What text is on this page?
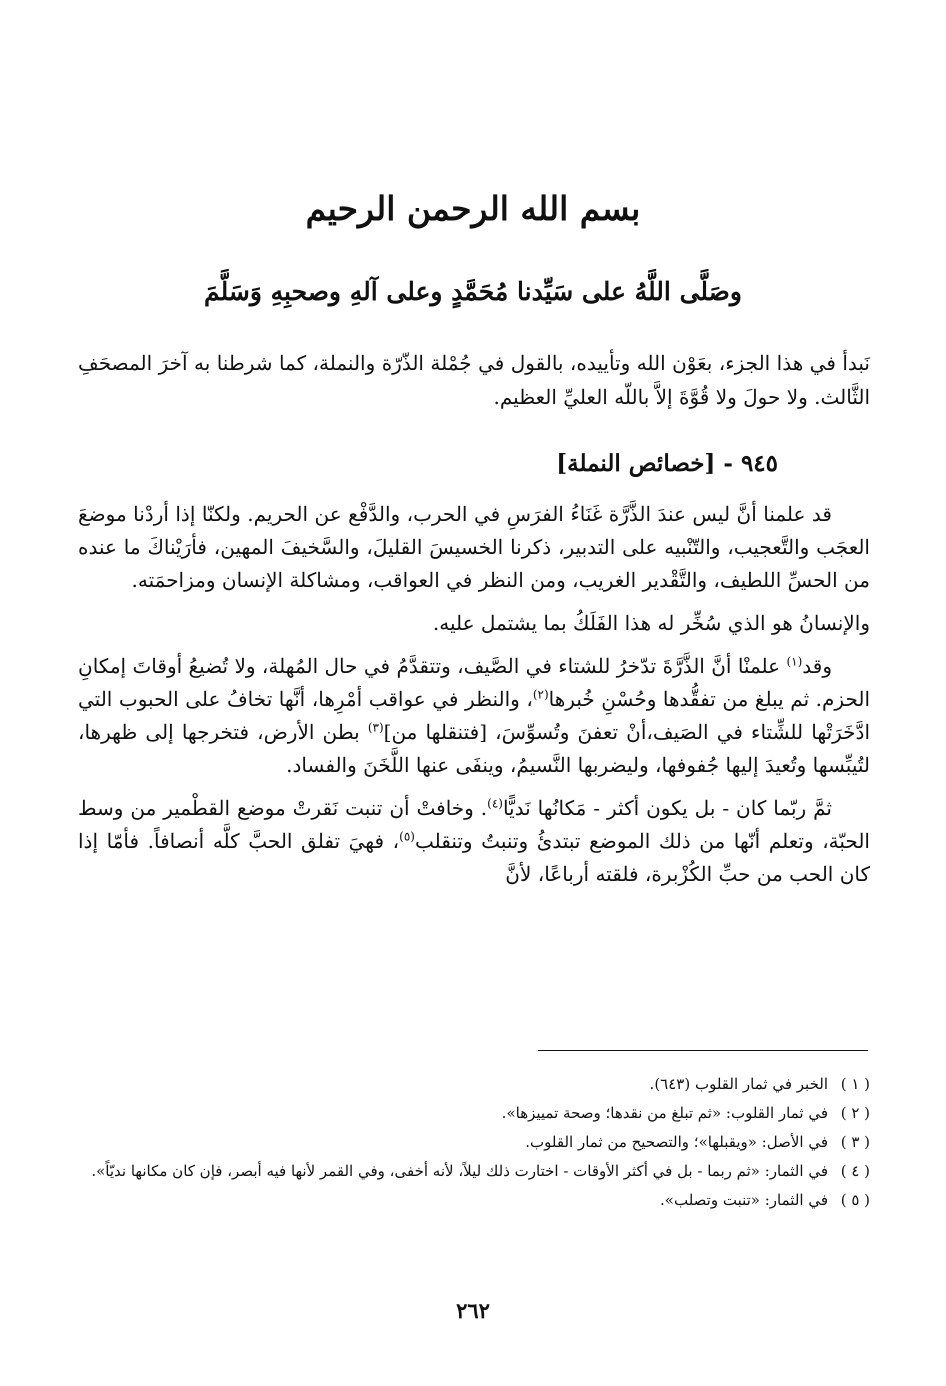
بسم الله الرحمن الرحيم
وصَلَّى اللَّهُ على سَيِّدنا مُحَمَّدٍ وعلى آلهِ وصحبِهِ وَسَلَّمَ
نَبدأ في هذا الجزء، بعَوْن الله وتأييده، بالقول في جُمْلة الذّرّة والنملة، كما شرطنا به آخرَ المصحَفِ الثَّالث. ولا حولَ ولا قُوَّةَ إلاَّ باللّه العليِّ العظيم.
٩٤٥ - [خصائص النملة]

قد علمنا أنَّ ليس عندَ الذَّرَّة غَنَاءُ الفرَسِ في الحرب، والدَّفْع عن الحريم. ولكنّا إذا أردْنا موضعَ العجَب والتَّعجيب، والتّنْبيه على التدبير، ذكرنا الخسيسَ القليلَ، والسَّخيفَ المهين، فأرَيْناكَ ما عنده من الحسِّ اللطيف، والتَّقْدير الغريب، ومن النظر في العواقب، ومشاكلة الإنسان ومزاحمَته.

والإنسانُ هو الذي سُخِّر له هذا الفَلَكُ بما يشتمل عليه.

وقد$^{(١)}$ علمنْا أنَّ الذَّرَّةَ تدّخرُ للشتاء في الصَّيف، وتتقدَّمُ في حال المُهلة، ولا تُضيعُ أوقاتَ إمكانِ الحزم. ثم يبلغ من تفقُّدها وحُسْنِ خُبرها$^{(٢)}$، والنظر في عواقب أمْرِها، أنَّها تخافُ على الحبوب التي ادَّخَرَتْها للشِّتاء في الصَيف،أنْ تعفنَ وتُسوِّسَ، [فتنقلها من]$^{(٣)}$ بطن الأرض، فتخرجها إلى ظهرها، لتُيبِّسها وتُعيدَ إليها جُفوفها، وليضربها النَّسيمُ، وينفَى عنها اللَّخَنَ والفساد.

ثمَّ ربّما كان - بل يكون أكثر - مَكانُها نَديًّا$^{(٤)}$. وخافتْ أن تنبت نَقرتْ موضع القطْمير من وسط الحبّة، وتعلم أنّها من ذلك الموضع تبتدئُ وتنبتُ وتنقلب$^{(٥)}$، فهيَ تفلق الحبَّ كلَّه أنصافاً. فأمّا إذا كان الحب من حبِّ الكُزْبرة، فلقته أرباعًا، لأنَّ

( ١ )
الخبر في ثمار القلوب (٦٤٣).
( ٢ )
في ثمار القلوب: «ثم تبلغ من نقدها؛ وصحة تمييزها».
( ٣ )
في الأصل: «ويقبلها»؛ والتصحيح من ثمار القلوب.
( ٤ )
في الثمار: «ثم ربما - بل في أكثر الأوقات - اختارت ذلك ليلاً، لأنه أخفى، وفي القمر لأنها فيه أبصر، فإن كان مكانها نديّاً».
( ٥ )
في الثمار: «تنبت وتصلب».
٢٦٢
